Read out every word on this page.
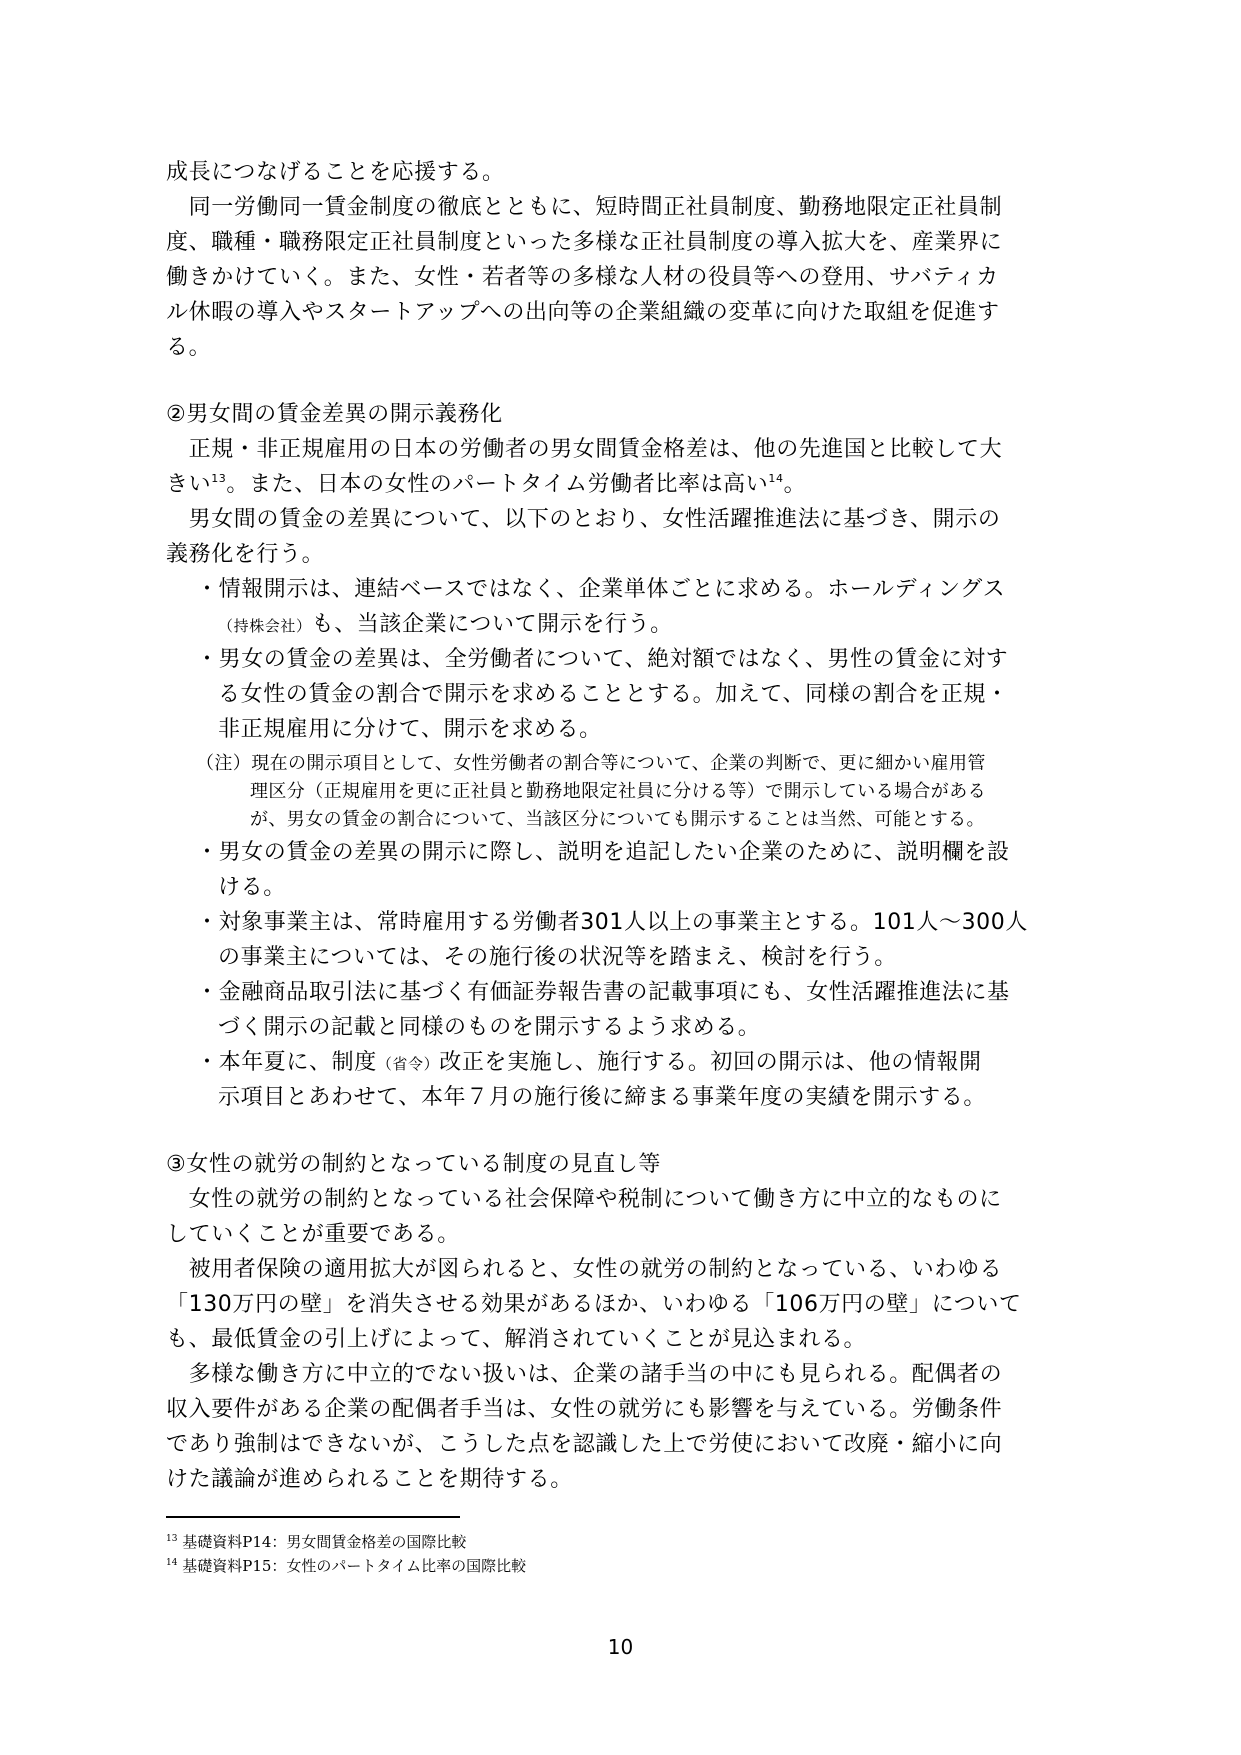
成長につなげることを応援する。
　同一労働同一賃金制度の徹底とともに、短時間正社員制度、勤務地限定正社員制
度、職種・職務限定正社員制度といった多様な正社員制度の導入拡大を、産業界に
働きかけていく。また、女性・若者等の多様な人材の役員等への登用、サバティカ
ル休暇の導入やスタートアップへの出向等の企業組織の変革に向けた取組を促進す
る。
②男女間の賃金差異の開示義務化
　正規・非正規雇用の日本の労働者の男女間賃金格差は、他の先進国と比較して大
きい$^{13}$。また、日本の女性のパートタイム労働者比率は高い$^{14}$。
　男女間の賃金の差異について、以下のとおり、女性活躍推進法に基づき、開示の
義務化を行う。
・情報開示は、連結ベースではなく、企業単体ごとに求める。ホールディングス
（持株会社）も、当該企業について開示を行う。
・男女の賃金の差異は、全労働者について、絶対額ではなく、男性の賃金に対す
る女性の賃金の割合で開示を求めることとする。加えて、同様の割合を正規・
非正規雇用に分けて、開示を求める。
（注）現在の開示項目として、女性労働者の割合等について、企業の判断で、更に細かい雇用管
理区分（正規雇用を更に正社員と勤務地限定社員に分ける等）で開示している場合がある
が、男女の賃金の割合について、当該区分についても開示することは当然、可能とする。
・男女の賃金の差異の開示に際し、説明を追記したい企業のために、説明欄を設
ける。
・対象事業主は、常時雇用する労働者301人以上の事業主とする。101人～300人
の事業主については、その施行後の状況等を踏まえ、検討を行う。
・金融商品取引法に基づく有価証券報告書の記載事項にも、女性活躍推進法に基
づく開示の記載と同様のものを開示するよう求める。
・本年夏に、制度（省令）改正を実施し、施行する。初回の開示は、他の情報開
示項目とあわせて、本年７月の施行後に締まる事業年度の実績を開示する。
③女性の就労の制約となっている制度の見直し等
　女性の就労の制約となっている社会保障や税制について働き方に中立的なものに
していくことが重要である。
　被用者保険の適用拡大が図られると、女性の就労の制約となっている、いわゆる
「130万円の壁」を消失させる効果があるほか、いわゆる「106万円の壁」について
も、最低賃金の引上げによって、解消されていくことが見込まれる。
　多様な働き方に中立的でない扱いは、企業の諸手当の中にも見られる。配偶者の
収入要件がある企業の配偶者手当は、女性の就労にも影響を与えている。労働条件
であり強制はできないが、こうした点を認識した上で労使において改廃・縮小に向
けた議論が進められることを期待する。
$^{13}$ 基礎資料P14：男女間賃金格差の国際比較
$^{14}$ 基礎資料P15：女性のパートタイム比率の国際比較
10
